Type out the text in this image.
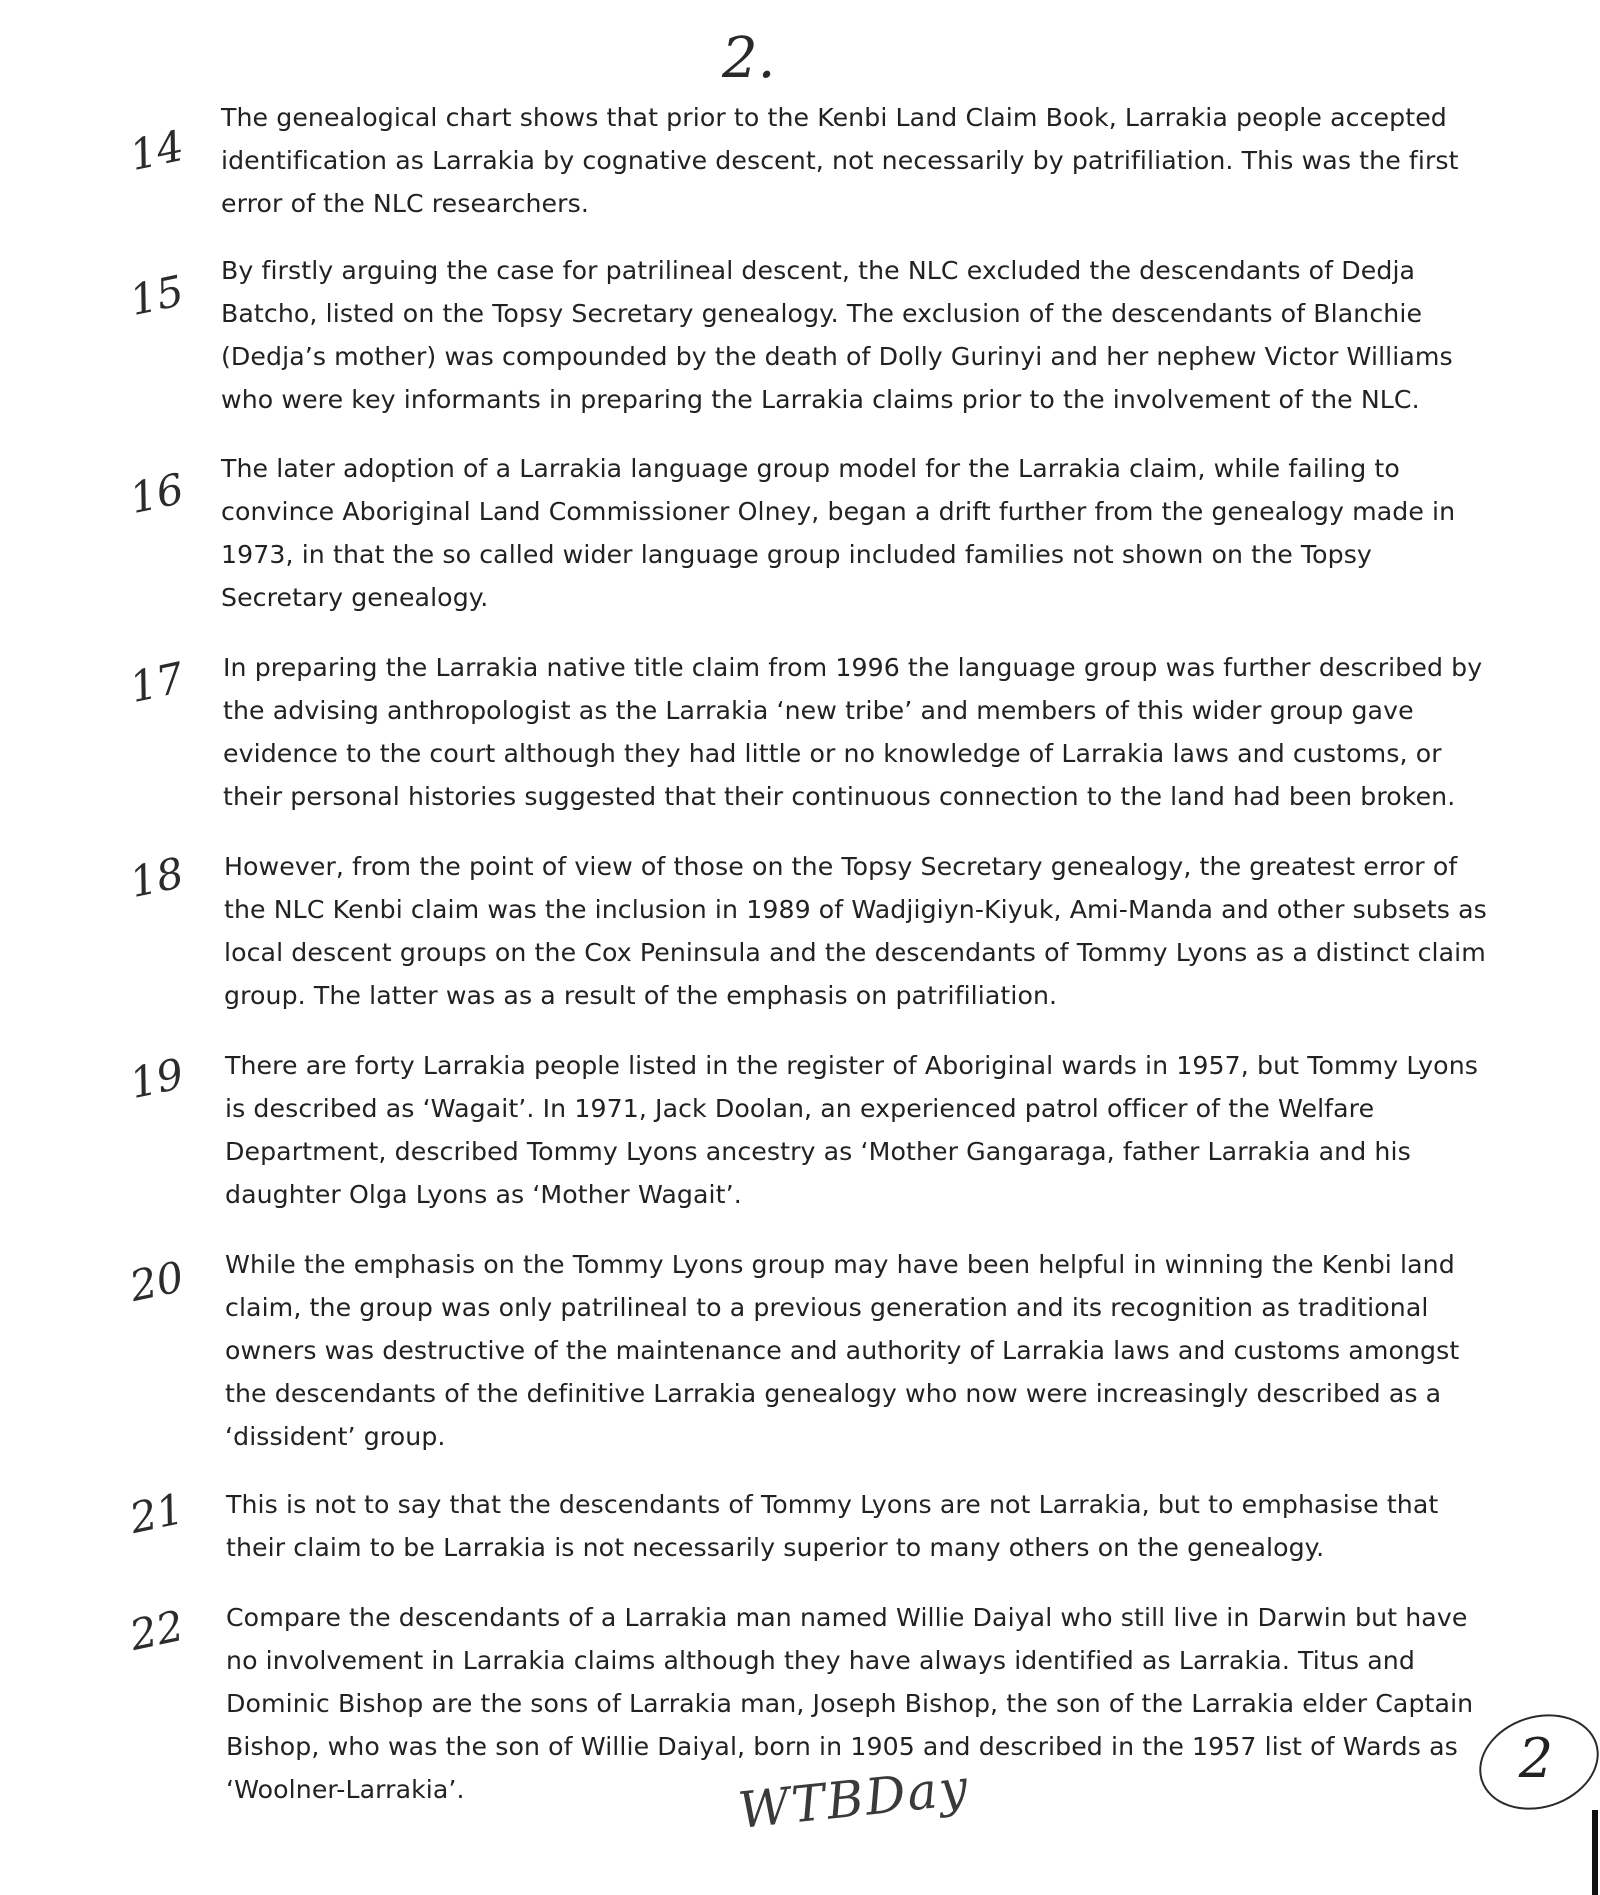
2.
14
The genealogical chart shows that prior to the Kenbi Land Claim Book, Larrakia people accepted identification as Larrakia by cognative descent, not necessarily by patrifiliation. This was the first error of the NLC researchers.
15 By firstly arguing the case for patrilineal descent, the NLC excluded the descendants of Dedja Batcho, listed on the Topsy Secretary genealogy. The exclusion of the descendants of Blanchie (Dedja’s mother) was compounded by the death of Dolly Gurinyi and her nephew Victor Williams who were key informants in preparing the Larrakia claims prior to the involvement of the NLC.
16 The later adoption of a Larrakia language group model for the Larrakia claim, while failing to convince Aboriginal Land Commissioner Olney, began a drift further from the genealogy made in 1973, in that the so called wider language group included families not shown on the Topsy Secretary genealogy.
17 In preparing the Larrakia native title claim from 1996 the language group was further described by the advising anthropologist as the Larrakia ‘new tribe’ and members of this wider group gave evidence to the court although they had little or no knowledge of Larrakia laws and customs, or their personal histories suggested that their continuous connection to the land had been broken.
18 However, from the point of view of those on the Topsy Secretary genealogy, the greatest error of the NLC Kenbi claim was the inclusion in 1989 of Wadjigiyn-Kiyuk, Ami-Manda and other subsets as local descent groups on the Cox Peninsula and the descendants of Tommy Lyons as a distinct claim group. The latter was as a result of the emphasis on patrifiliation.
19 There are forty Larrakia people listed in the register of Aboriginal wards in 1957, but Tommy Lyons is described as ‘Wagait’. In 1971, Jack Doolan, an experienced patrol officer of the Welfare Department, described Tommy Lyons ancestry as ‘Mother Gangaraga, father Larrakia and his daughter Olga Lyons as ‘Mother Wagait’.
20 While the emphasis on the Tommy Lyons group may have been helpful in winning the Kenbi land claim, the group was only patrilineal to a previous generation and its recognition as traditional owners was destructive of the maintenance and authority of Larrakia laws and customs amongst the descendants of the definitive Larrakia genealogy who now were increasingly described as a ‘dissident’ group.
21 This is not to say that the descendants of Tommy Lyons are not Larrakia, but to emphasise that their claim to be Larrakia is not necessarily superior to many others on the genealogy.
22 Compare the descendants of a Larrakia man named Willie Daiyal who still live in Darwin but have no involvement in Larrakia claims although they have always identified as Larrakia. Titus and Dominic Bishop are the sons of Larrakia man, Joseph Bishop, the son of the Larrakia elder Captain Bishop, who was the son of Willie Daiyal, born in 1905 and described in the 1957 list of Wards as ‘Woolner-Larrakia’.	WTBDay	2
